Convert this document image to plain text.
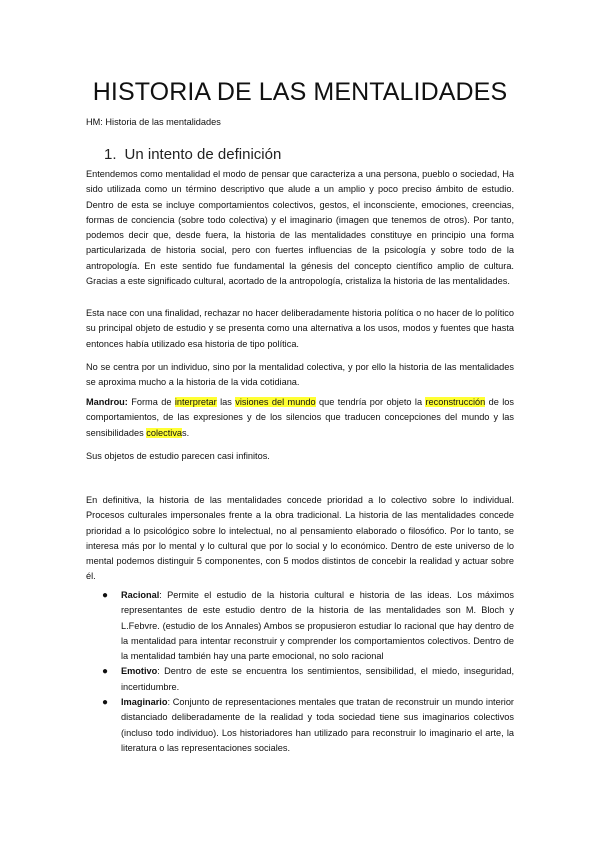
HISTORIA DE LAS MENTALIDADES

HM: Historia de las mentalidades

1. Un intento de definición

Entendemos como mentalidad el modo de pensar que caracteriza a una persona, pueblo o sociedad, Ha sido utilizada como un término descriptivo que alude a un amplio y poco preciso ámbito de estudio. Dentro de esta se incluye comportamientos colectivos, gestos, el inconsciente, emociones, creencias, formas de conciencia (sobre todo colectiva) y el imaginario (imagen que tenemos de otros). Por tanto, podemos decir que, desde fuera, la historia de las mentalidades constituye en principio una forma particularizada de historia social, pero con fuertes influencias de la psicología y sobre todo de la antropología. En este sentido fue fundamental la génesis del concepto científico amplio de cultura. Gracias a este significado cultural, acortado de la antropología, cristaliza la historia de las mentalidades.

Esta nace con una finalidad, rechazar no hacer deliberadamente historia política o no hacer de lo político su principal objeto de estudio y se presenta como una alternativa a los usos, modos y fuentes que hasta entonces había utilizado esa historia de tipo política.

No se centra por un individuo, sino por la mentalidad colectiva, y por ello la historia de las mentalidades se aproxima mucho a la historia de la vida cotidiana.

Mandrou: Forma de interpretar las visiones del mundo que tendría por objeto la reconstrucción de los comportamientos, de las expresiones y de los silencios que traducen concepciones del mundo y las sensibilidades colectivas.

Sus objetos de estudio parecen casi infinitos.

En definitiva, la historia de las mentalidades concede prioridad a lo colectivo sobre lo individual. Procesos culturales impersonales frente a la obra tradicional. La historia de las mentalidades concede prioridad a lo psicológico sobre lo intelectual, no al pensamiento elaborado o filosófico. Por lo tanto, se interesa más por lo mental y lo cultural que por lo social y lo económico. Dentro de este universo de lo mental podemos distinguir 5 componentes, con 5 modos distintos de concebir la realidad y actuar sobre él.

● Racional: Permite el estudio de la historia cultural e historia de las ideas. Los máximos representantes de este estudio dentro de la historia de las mentalidades son M. Bloch y L.Febvre. (estudio de los Annales) Ambos se propusieron estudiar lo racional que hay dentro de la mentalidad para intentar reconstruir y comprender los comportamientos colectivos. Dentro de la mentalidad también hay una parte emocional, no solo racional
● Emotivo: Dentro de este se encuentra los sentimientos, sensibilidad, el miedo, inseguridad, incertidumbre.
● Imaginario: Conjunto de representaciones mentales que tratan de reconstruir un mundo interior distanciado deliberadamente de la realidad y toda sociedad tiene sus imaginarios colectivos (incluso todo individuo). Los historiadores han utilizado para reconstruir lo imaginario el arte, la literatura o las representaciones sociales.
